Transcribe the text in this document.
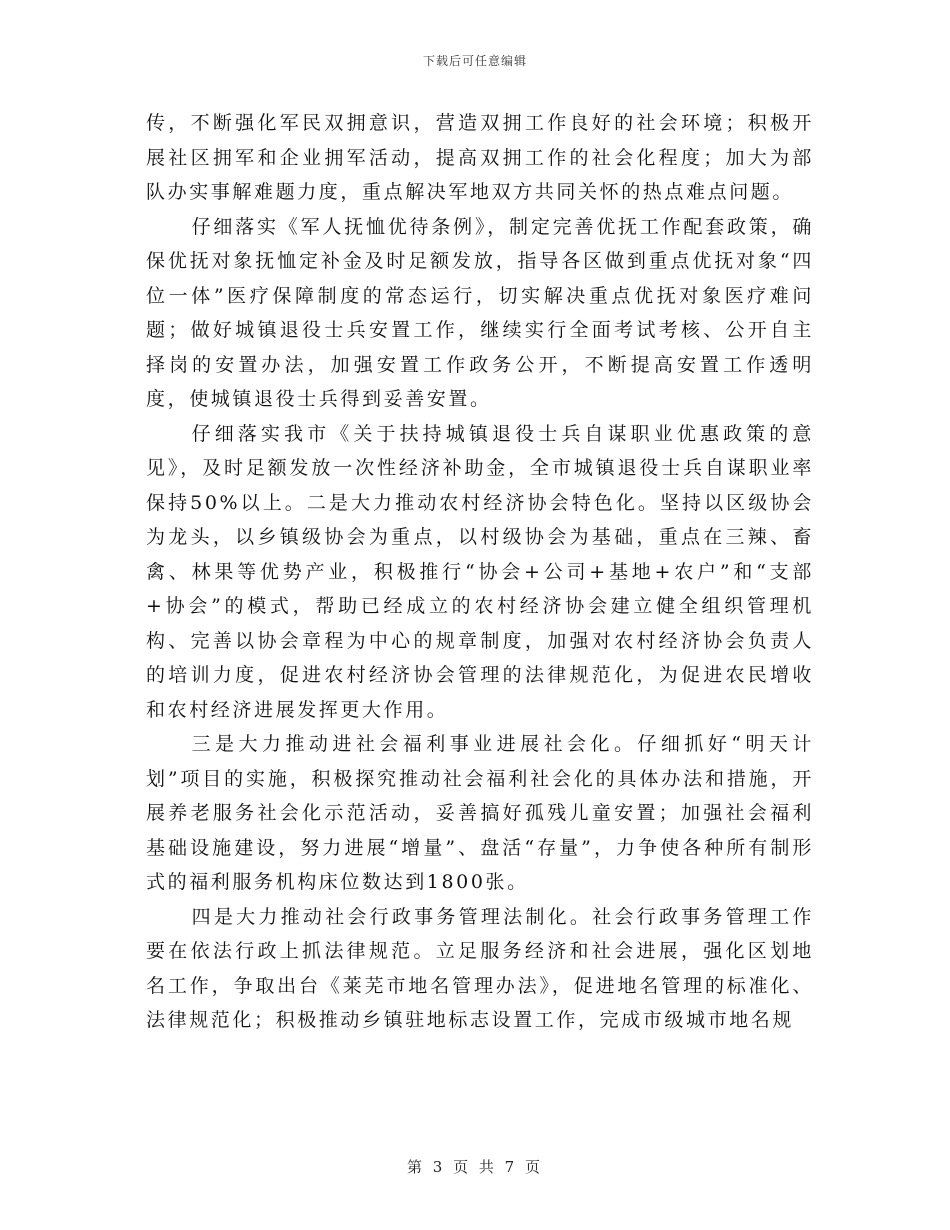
下载后可任意编辑

传，不断强化军民双拥意识，营造双拥工作良好的社会环境；积极开展社区拥军和企业拥军活动，提高双拥工作的社会化程度；加大为部队办实事解难题力度，重点解决军地双方共同关怀的热点难点问题。

仔细落实《军人抚恤优待条例》，制定完善优抚工作配套政策，确保优抚对象抚恤定补金及时足额发放，指导各区做到重点优抚对象“四位一体”医疗保障制度的常态运行，切实解决重点优抚对象医疗难问题；做好城镇退役士兵安置工作，继续实行全面考试考核、公开自主择岗的安置办法，加强安置工作政务公开，不断提高安置工作透明度，使城镇退役士兵得到妥善安置。

仔细落实我市《关于扶持城镇退役士兵自谋职业优惠政策的意见》，及时足额发放一次性经济补助金，全市城镇退役士兵自谋职业率保持50%以上。二是大力推动农村经济协会特色化。坚持以区级协会为龙头，以乡镇级协会为重点，以村级协会为基础，重点在三辣、畜禽、林果等优势产业，积极推行“协会+公司+基地+农户”和“支部+协会”的模式，帮助已经成立的农村经济协会建立健全组织管理机构、完善以协会章程为中心的规章制度，加强对农村经济协会负责人的培训力度，促进农村经济协会管理的法律规范化，为促进农民增收和农村经济进展发挥更大作用。

三是大力推动进社会福利事业进展社会化。仔细抓好“明天计划”项目的实施，积极探究推动社会福利社会化的具体办法和措施，开展养老服务社会化示范活动，妥善搞好孤残儿童安置；加强社会福利基础设施建设，努力进展“增量”、盘活“存量”，力争使各种所有制形式的福利服务机构床位数达到1800张。

四是大力推动社会行政事务管理法制化。社会行政事务管理工作要在依法行政上抓法律规范。立足服务经济和社会进展，强化区划地名工作，争取出台《莱芜市地名管理办法》，促进地名管理的标准化、法律规范化；积极推动乡镇驻地标志设置工作，完成市级城市地名规

第 3 页 共 7 页
